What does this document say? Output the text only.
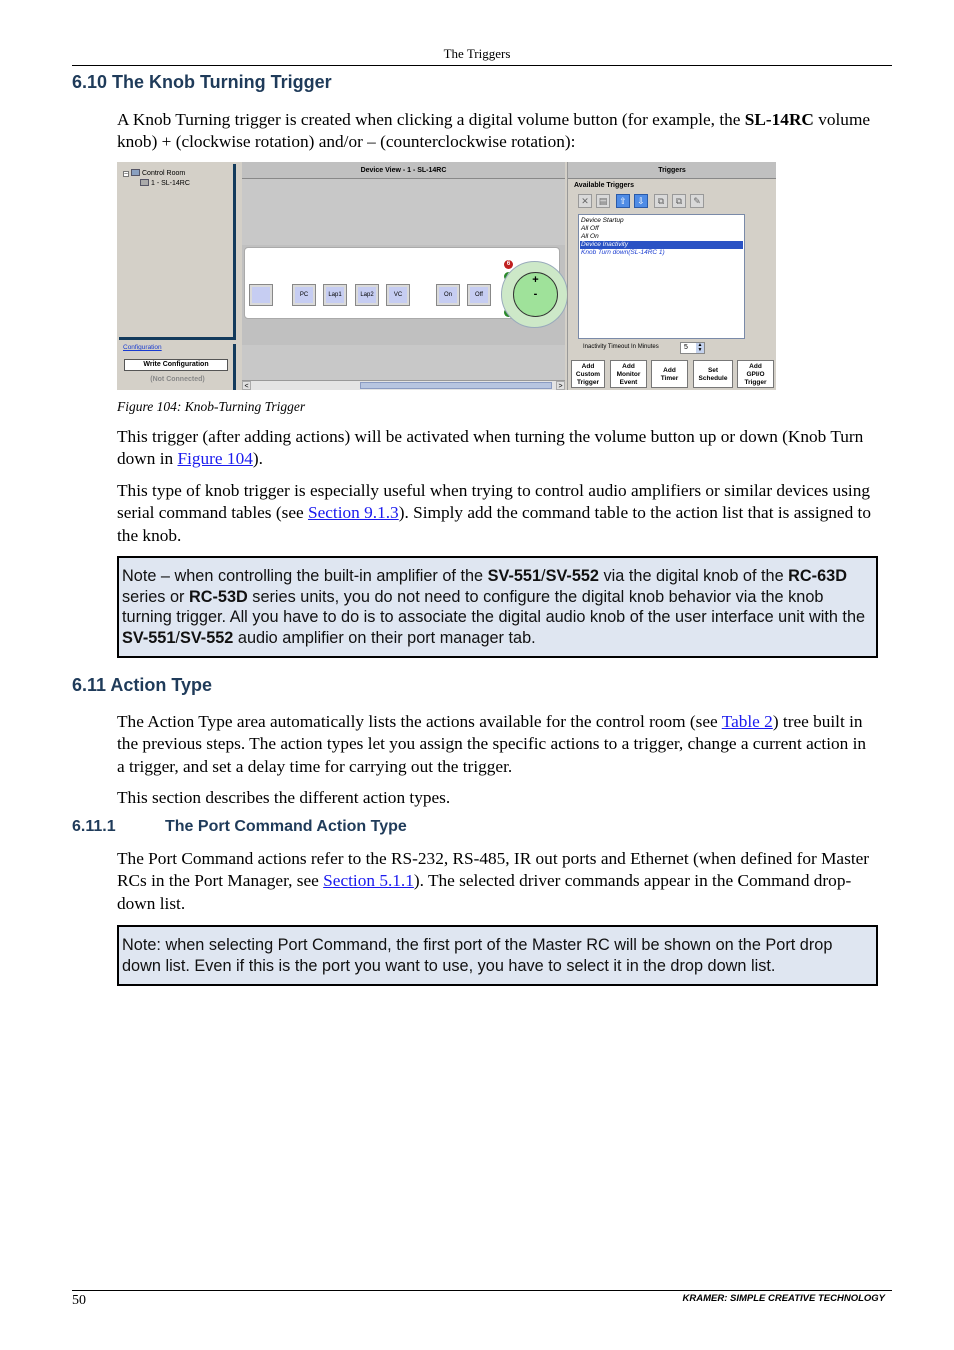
The Triggers
6.10 The Knob Turning Trigger
A Knob Turning trigger is created when clicking a digital volume button (for example, the SL-14RC volume knob) + (clockwise rotation) and/or – (counterclockwise rotation):
– Control Room
1 - SL-14RC
Configuration
Write Configuration
(Not Connected)
Device View - 1 - SL-14RC
PC	Lap1	Lap2	VC	On	Off
6
+
-
<	>
Triggers
Available Triggers
✕	▤	⇧	⇩	⧉	⧉	✎
Device Startup
All Off
All On
Device Inactivity
Knob Turn down(SL-14RC 1)
Inactivity Timeout In Minutes	5	▲
▼
Add
Custom
Trigger
Add
Monitor
Event
Add
Timer
Set
Schedule
Add
GPI/O
Trigger
Figure 104: Knob-Turning Trigger
This trigger (after adding actions) will be activated when turning the volume button up or down (Knob Turn down in Figure 104).
This type of knob trigger is especially useful when trying to control audio amplifiers or similar devices using serial command tables (see Section 9.1.3). Simply add the command table to the action list that is assigned to the knob.
Note – when controlling the built-in amplifier of the SV-551/SV-552 via the digital knob of the RC-63D series or RC-53D series units, you do not need to configure the digital knob behavior via the knob turning trigger. All you have to do is to associate the digital audio knob of the user interface unit with the SV-551/SV-552 audio amplifier on their port manager tab.
6.11 Action Type
The Action Type area automatically lists the actions available for the control room (see Table 2) tree built in the previous steps. The action types let you assign the specific actions to a trigger, change a current action in a trigger, and set a delay time for carrying out the trigger.
This section describes the different action types.
6.11.1	The Port Command Action Type
The Port Command actions refer to the RS-232, RS-485, IR out ports and Ethernet (when defined for Master RCs in the Port Manager, see Section 5.1.1). The selected driver commands appear in the Command drop-down list.
Note: when selecting Port Command, the first port of the Master RC will be shown on the Port drop down list. Even if this is the port you want to use, you have to select it in the drop down list.
50	KRAMER: SIMPLE CREATIVE TECHNOLOGY
